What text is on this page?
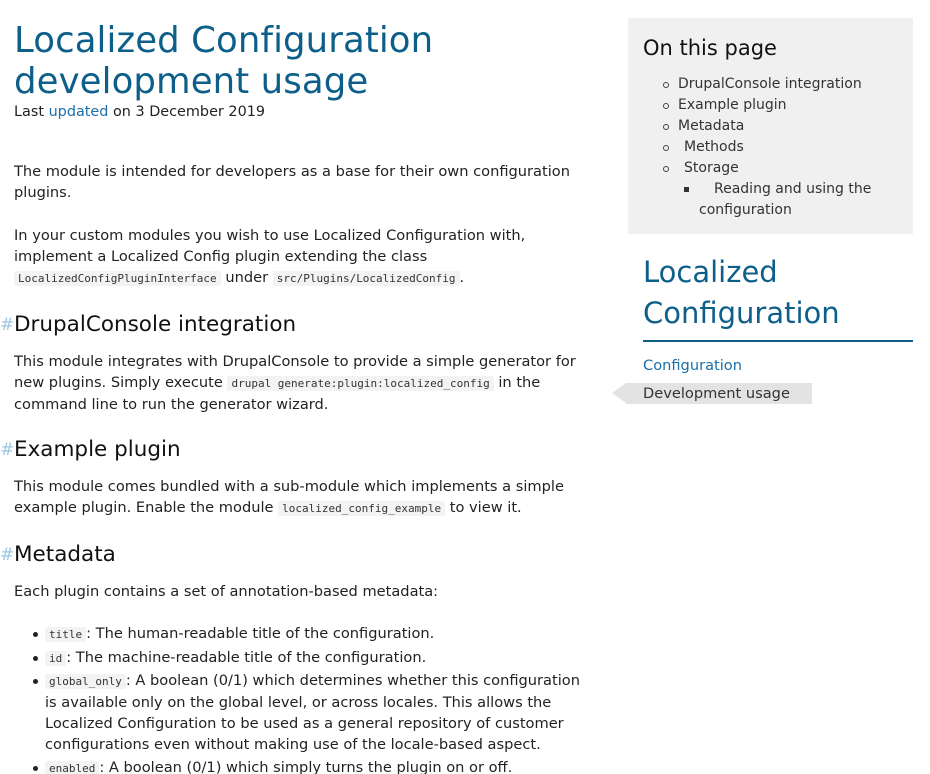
Localized Configuration development usage
Last updated on 3 December 2019

The module is intended for developers as a base for their own configuration plugins.

In your custom modules you wish to use Localized Configuration with, implement a Localized Config plugin extending the class LocalizedConfigPluginInterface under src/Plugins/LocalizedConfig .

# DrupalConsole integration

This module integrates with DrupalConsole to provide a simple generator for new plugins. Simply execute drupal generate:plugin:localized_config in the command line to run the generator wizard.

# Example plugin

This module comes bundled with a sub-module which implements a simple example plugin. Enable the module localized_config_example to view it.

# Metadata

Each plugin contains a set of annotation-based metadata:

title : The human-readable title of the configuration.
id : The machine-readable title of the configuration.
global_only : A boolean (0/1) which determines whether this configuration is available only on the global level, or across locales. This allows the Localized Configuration to be used as a general repository of customer configurations even without making use of the locale-based aspect.
enabled : A boolean (0/1) which simply turns the plugin on or off.
On this page
DrupalConsole integration
Example plugin
Metadata
Methods
Storage
Reading and using the configuration
Localized Configuration
Configuration
Development usage
